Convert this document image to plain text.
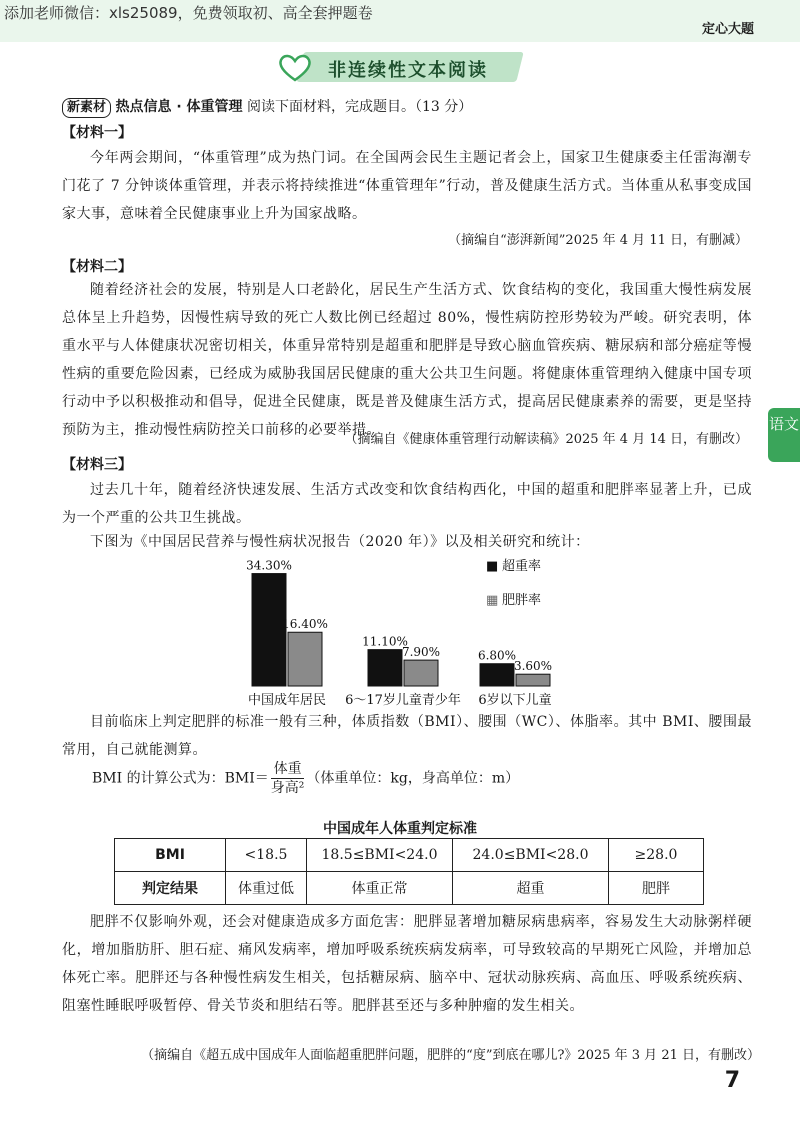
添加老师微信：xls25089，免费领取初、高全套押题卷
定心大题
非连续性文本阅读
新素材 热点信息 · 体重管理 阅读下面材料，完成题目。（13 分）
【材料一】
今年两会期间，“体重管理”成为热门词。在全国两会民生主题记者会上，国家卫生健康委主任雷海潮专门花了 7 分钟谈体重管理，并表示将持续推进“体重管理年”行动，普及健康生活方式。当体重从私事变成国家大事，意味着全民健康事业上升为国家战略。
（摘编自“澎湃新闻”2025 年 4 月 11 日，有删减）
【材料二】
随着经济社会的发展，特别是人口老龄化，居民生产生活方式、饮食结构的变化，我国重大慢性病发展总体呈上升趋势，因慢性病导致的死亡人数比例已经超过 80%，慢性病防控形势较为严峻。研究表明，体重水平与人体健康状况密切相关，体重异常特别是超重和肥胖是导致心脑血管疾病、糖尿病和部分癌症等慢性病的重要危险因素，已经成为威胁我国居民健康的重大公共卫生问题。将健康体重管理纳入健康中国专项行动中予以积极推动和倡导，促进全民健康，既是普及健康生活方式，提高居民健康素养的需要，更是坚持预防为主，推动慢性病防控关口前移的必要举措。
（摘编自《健康体重管理行动解读稿》2025 年 4 月 14 日，有删改）
【材料三】
过去几十年，随着经济快速发展、生活方式改变和饮食结构西化，中国的超重和肥胖率显著上升，已成为一个严重的公共卫生挑战。
下图为《中国居民营养与慢性病状况报告（2020 年）》以及相关研究和统计：
34.30%
16.40%
中国成年居民
11.10%
7.90%
6～17岁儿童青少年
6.80%
3.60%
6岁以下儿童
■ 超重率
▦ 肥胖率
目前临床上判定肥胖的标准一般有三种，体质指数（BMI）、腰围（WC）、体脂率。其中 BMI、腰围最常用，自己就能测算。
BMI 的计算公式为：$BMI= \frac{\text{体重}}{\text{身高²}}$ （体重单位：kg，身高单位：m）
中国成年人体重判定标准
BMI	<18.5	18.5≤BMI<24.0	24.0≤BMI<28.0	≥28.0
判定结果	体重过低	体重正常	超重	肥胖
肥胖不仅影响外观，还会对健康造成多方面危害：肥胖显著增加糖尿病患病率，容易发生大动脉粥样硬化，增加脂肪肝、胆石症、痛风发病率，增加呼吸系统疾病发病率，可导致较高的早期死亡风险，并增加总体死亡率。肥胖还与各种慢性病发生相关，包括糖尿病、脑卒中、冠状动脉疾病、高血压、呼吸系统疾病、阻塞性睡眠呼吸暂停、骨关节炎和胆结石等。肥胖甚至还与多种肿瘤的发生相关。
（摘编自《超五成中国成年人面临超重肥胖问题，肥胖的“度”到底在哪儿?》2025 年 3 月 21 日，有删改）
语文
7
